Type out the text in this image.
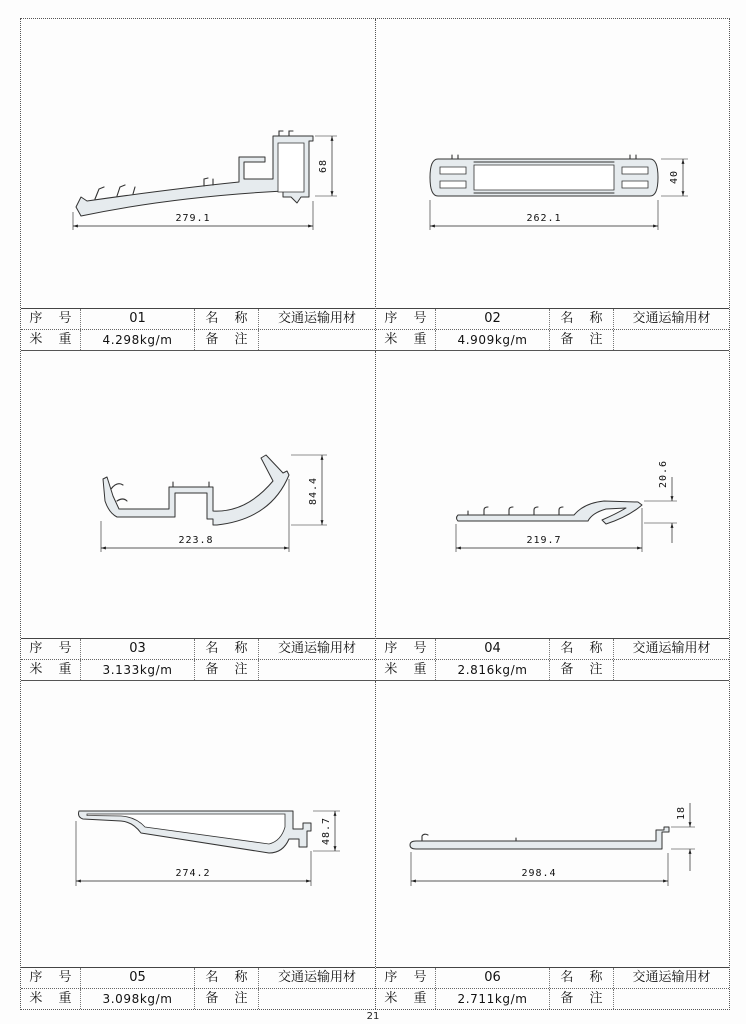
279.1
68
序 号	01	名 称	交通运输用材
米 重	4.298kg/m	备 注
262.1
40
序 号	02	名 称	交通运输用材
米 重	4.909kg/m	备 注
223.8
84.4
序 号	03	名 称	交通运输用材
米 重	3.133kg/m	备 注
219.7
20.6
序 号	04	名 称	交通运输用材
米 重	2.816kg/m	备 注
274.2
48.7
序 号	05	名 称	交通运输用材
米 重	3.098kg/m	备 注
298.4
18
序 号	06	名 称	交通运输用材
米 重	2.711kg/m	备 注
21
